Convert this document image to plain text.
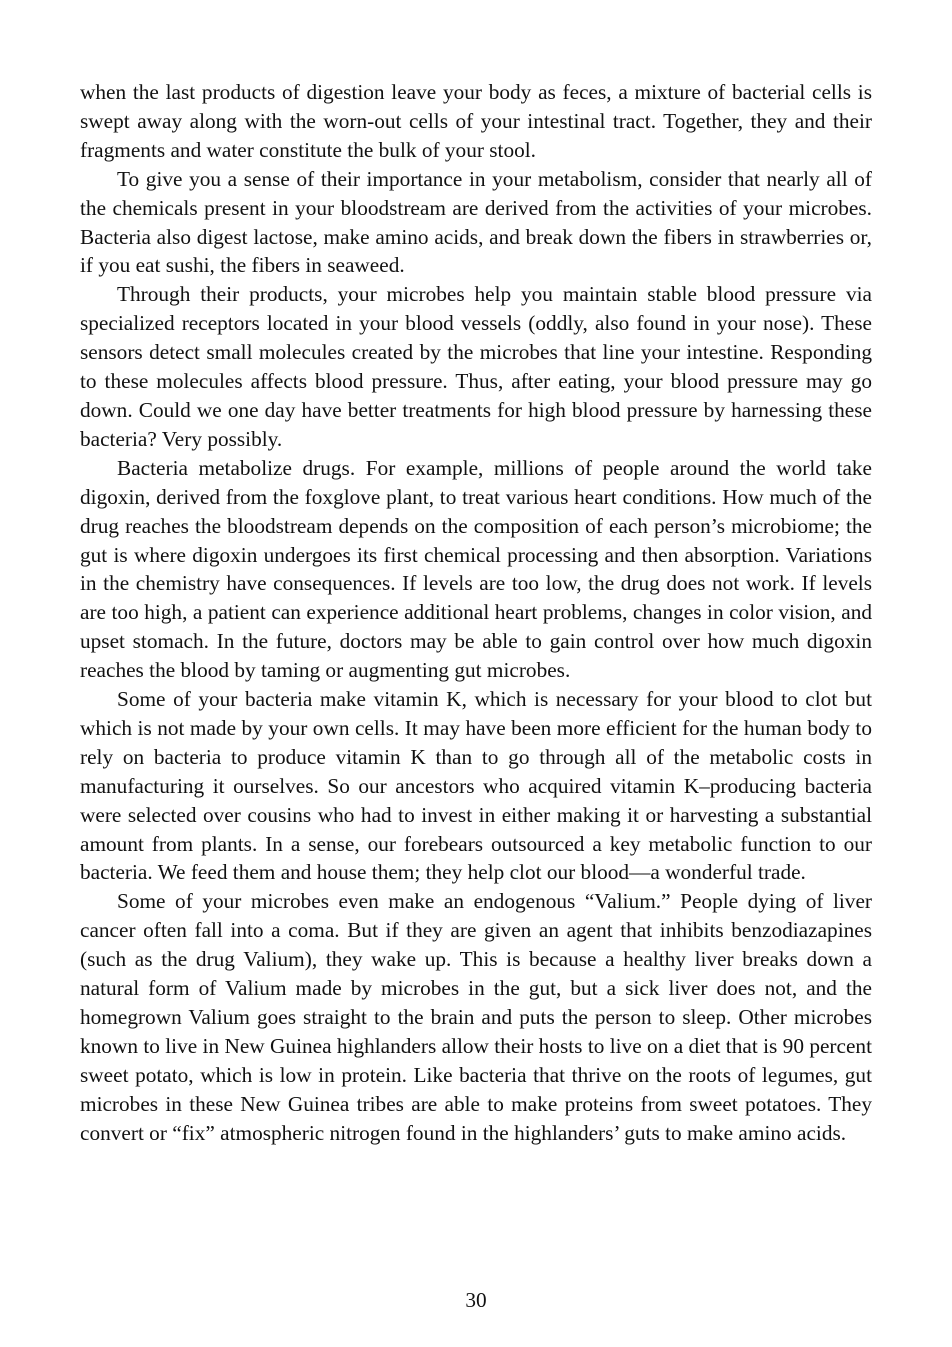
when the last products of digestion leave your body as feces, a mixture of bacterial cells is swept away along with the worn-out cells of your intestinal tract. Together, they and their fragments and water constitute the bulk of your stool.

To give you a sense of their importance in your metabolism, consider that nearly all of the chemicals present in your bloodstream are derived from the activities of your microbes. Bacteria also digest lactose, make amino acids, and break down the fibers in strawberries or, if you eat sushi, the fibers in seaweed.

Through their products, your microbes help you maintain stable blood pressure via specialized receptors located in your blood vessels (oddly, also found in your nose). These sensors detect small molecules created by the microbes that line your intestine. Responding to these molecules affects blood pressure. Thus, after eating, your blood pressure may go down. Could we one day have better treatments for high blood pressure by harnessing these bacteria? Very possibly.

Bacteria metabolize drugs. For example, millions of people around the world take digoxin, derived from the foxglove plant, to treat various heart conditions. How much of the drug reaches the bloodstream depends on the composition of each person’s microbiome; the gut is where digoxin undergoes its first chemical processing and then absorption. Variations in the chemistry have consequences. If levels are too low, the drug does not work. If levels are too high, a patient can experience additional heart problems, changes in color vision, and upset stomach. In the future, doctors may be able to gain control over how much digoxin reaches the blood by taming or augmenting gut microbes.

Some of your bacteria make vitamin K, which is necessary for your blood to clot but which is not made by your own cells. It may have been more efficient for the human body to rely on bacteria to produce vitamin K than to go through all of the metabolic costs in manufacturing it ourselves. So our ancestors who acquired vitamin K–producing bacteria were selected over cousins who had to invest in either making it or harvesting a substantial amount from plants. In a sense, our forebears outsourced a key metabolic function to our bacteria. We feed them and house them; they help clot our blood—a wonderful trade.

Some of your microbes even make an endogenous “Valium.” People dying of liver cancer often fall into a coma. But if they are given an agent that inhibits benzodiazapines (such as the drug Valium), they wake up. This is because a healthy liver breaks down a natural form of Valium made by microbes in the gut, but a sick liver does not, and the homegrown Valium goes straight to the brain and puts the person to sleep. Other microbes known to live in New Guinea highlanders allow their hosts to live on a diet that is 90 percent sweet potato, which is low in protein. Like bacteria that thrive on the roots of legumes, gut microbes in these New Guinea tribes are able to make proteins from sweet potatoes. They convert or “fix” atmospheric nitrogen found in the highlanders’ guts to make amino acids.

30
